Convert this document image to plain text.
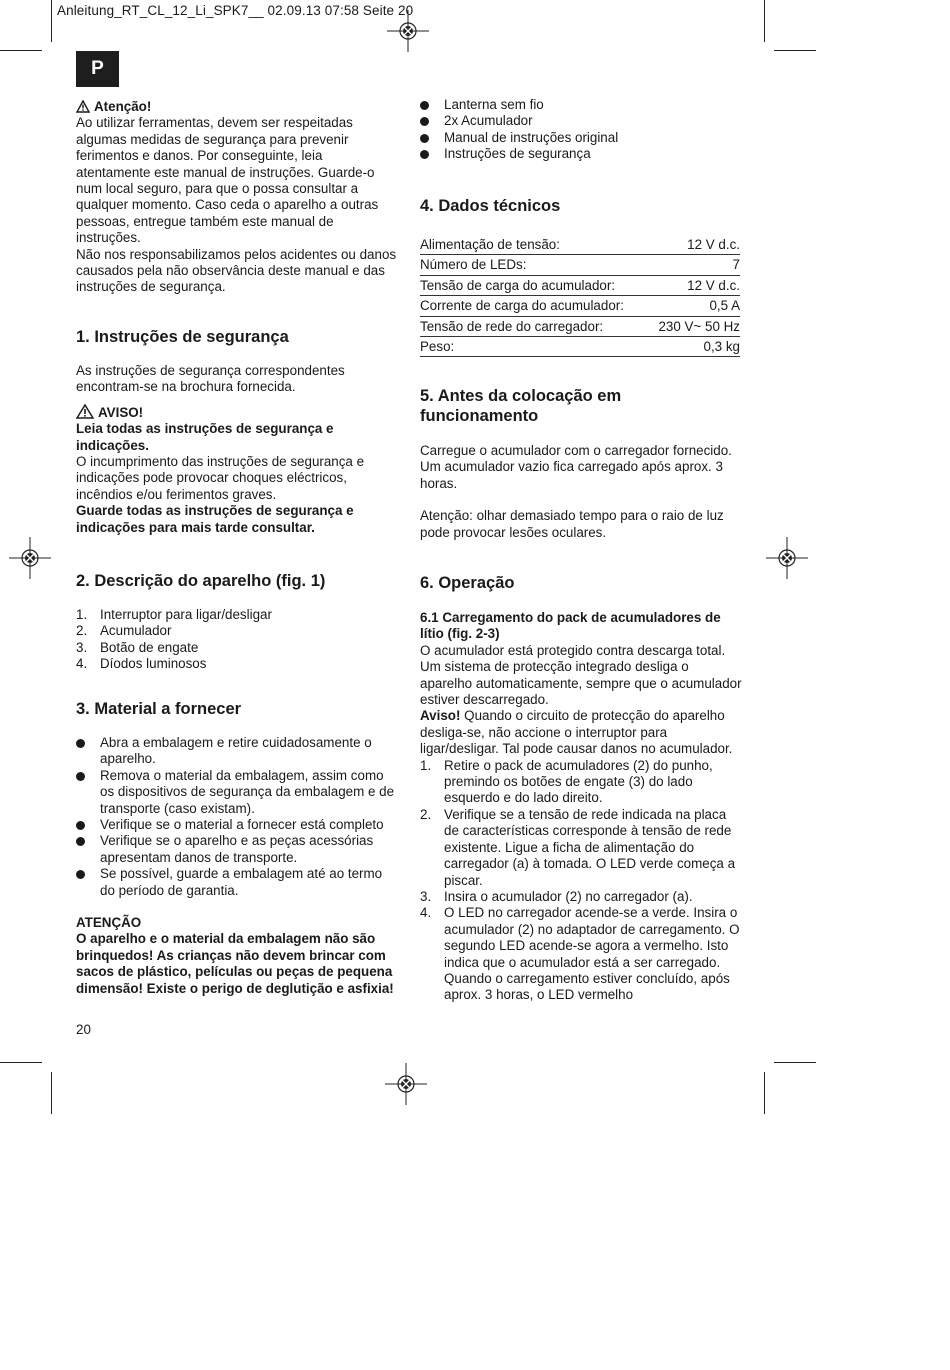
Anleitung_RT_CL_12_Li_SPK7__ 02.09.13 07:58 Seite 20
P

Atenção!

Ao utilizar ferramentas, devem ser respeitadas algumas medidas de segurança para prevenir ferimentos e danos. Por conseguinte, leia atentamente este manual de instruções. Guarde-o num local seguro, para que o possa consultar a qualquer momento. Caso ceda o aparelho a outras pessoas, entregue também este manual de instruções.

Não nos responsabilizamos pelos acidentes ou danos causados pela não observância deste manual e das instruções de segurança.

1. Instruções de segurança

As instruções de segurança correspondentes encontram-se na brochura fornecida.

AVISO!

Leia todas as instruções de segurança e indicações.

O incumprimento das instruções de segurança e indicações pode provocar choques eléctricos, incêndios e/ou ferimentos graves.

Guarde todas as instruções de segurança e indicações para mais tarde consultar.

2. Descrição do aparelho (fig. 1)
1. Interruptor para ligar/desligar
2. Acumulador
3. Botão de engate
4. Díodos luminosos
3. Material a fornecer
Abra a embalagem e retire cuidadosamente o aparelho.
Remova o material da embalagem, assim como os dispositivos de segurança da embalagem e de transporte (caso existam).
Verifique se o material a fornecer está completo
Verifique se o aparelho e as peças acessórias apresentam danos de transporte.
Se possível, guarde a embalagem até ao termo do período de garantia.

ATENÇÃO

O aparelho e o material da embalagem não são brinquedos! As crianças não devem brincar com sacos de plástico, películas ou peças de pequena dimensão! Existe o perigo de deglutição e asfixia!

20
Lanterna sem fio
2x Acumulador
Manual de instruções original
Instruções de segurança
4. Dados técnicos
Alimentação de tensão:	12 V d.c.
Número de LEDs:	7
Tensão de carga do acumulador:	12 V d.c.
Corrente de carga do acumulador:	0,5 A
Tensão de rede do carregador:	230 V~ 50 Hz
Peso:	0,3 kg
5. Antes da colocação em funcionamento

Carregue o acumulador com o carregador fornecido. Um acumulador vazio fica carregado após aprox. 3 horas.

Atenção: olhar demasiado tempo para o raio de luz pode provocar lesões oculares.

6. Operação

6.1 Carregamento do pack de acumuladores de lítio (fig. 2-3)

O acumulador está protegido contra descarga total. Um sistema de protecção integrado desliga o aparelho automaticamente, sempre que o acumulador estiver descarregado.

Aviso! Quando o circuito de protecção do aparelho desliga-se, não accione o interruptor para ligar/desligar. Tal pode causar danos no acumulador.

1. Retire o pack de acumuladores (2) do punho, premindo os botões de engate (3) do lado esquerdo e do lado direito.
2. Verifique se a tensão de rede indicada na placa de características corresponde à tensão de rede existente. Ligue a ficha de alimentação do carregador (a) à tomada. O LED verde começa a piscar.
3. Insira o acumulador (2) no carregador (a).
4. O LED no carregador acende-se a verde. Insira o acumulador (2) no adaptador de carregamento. O segundo LED acende-se agora a vermelho. Isto indica que o acumulador está a ser carregado. Quando o carregamento estiver concluído, após aprox. 3 horas, o LED vermelho
